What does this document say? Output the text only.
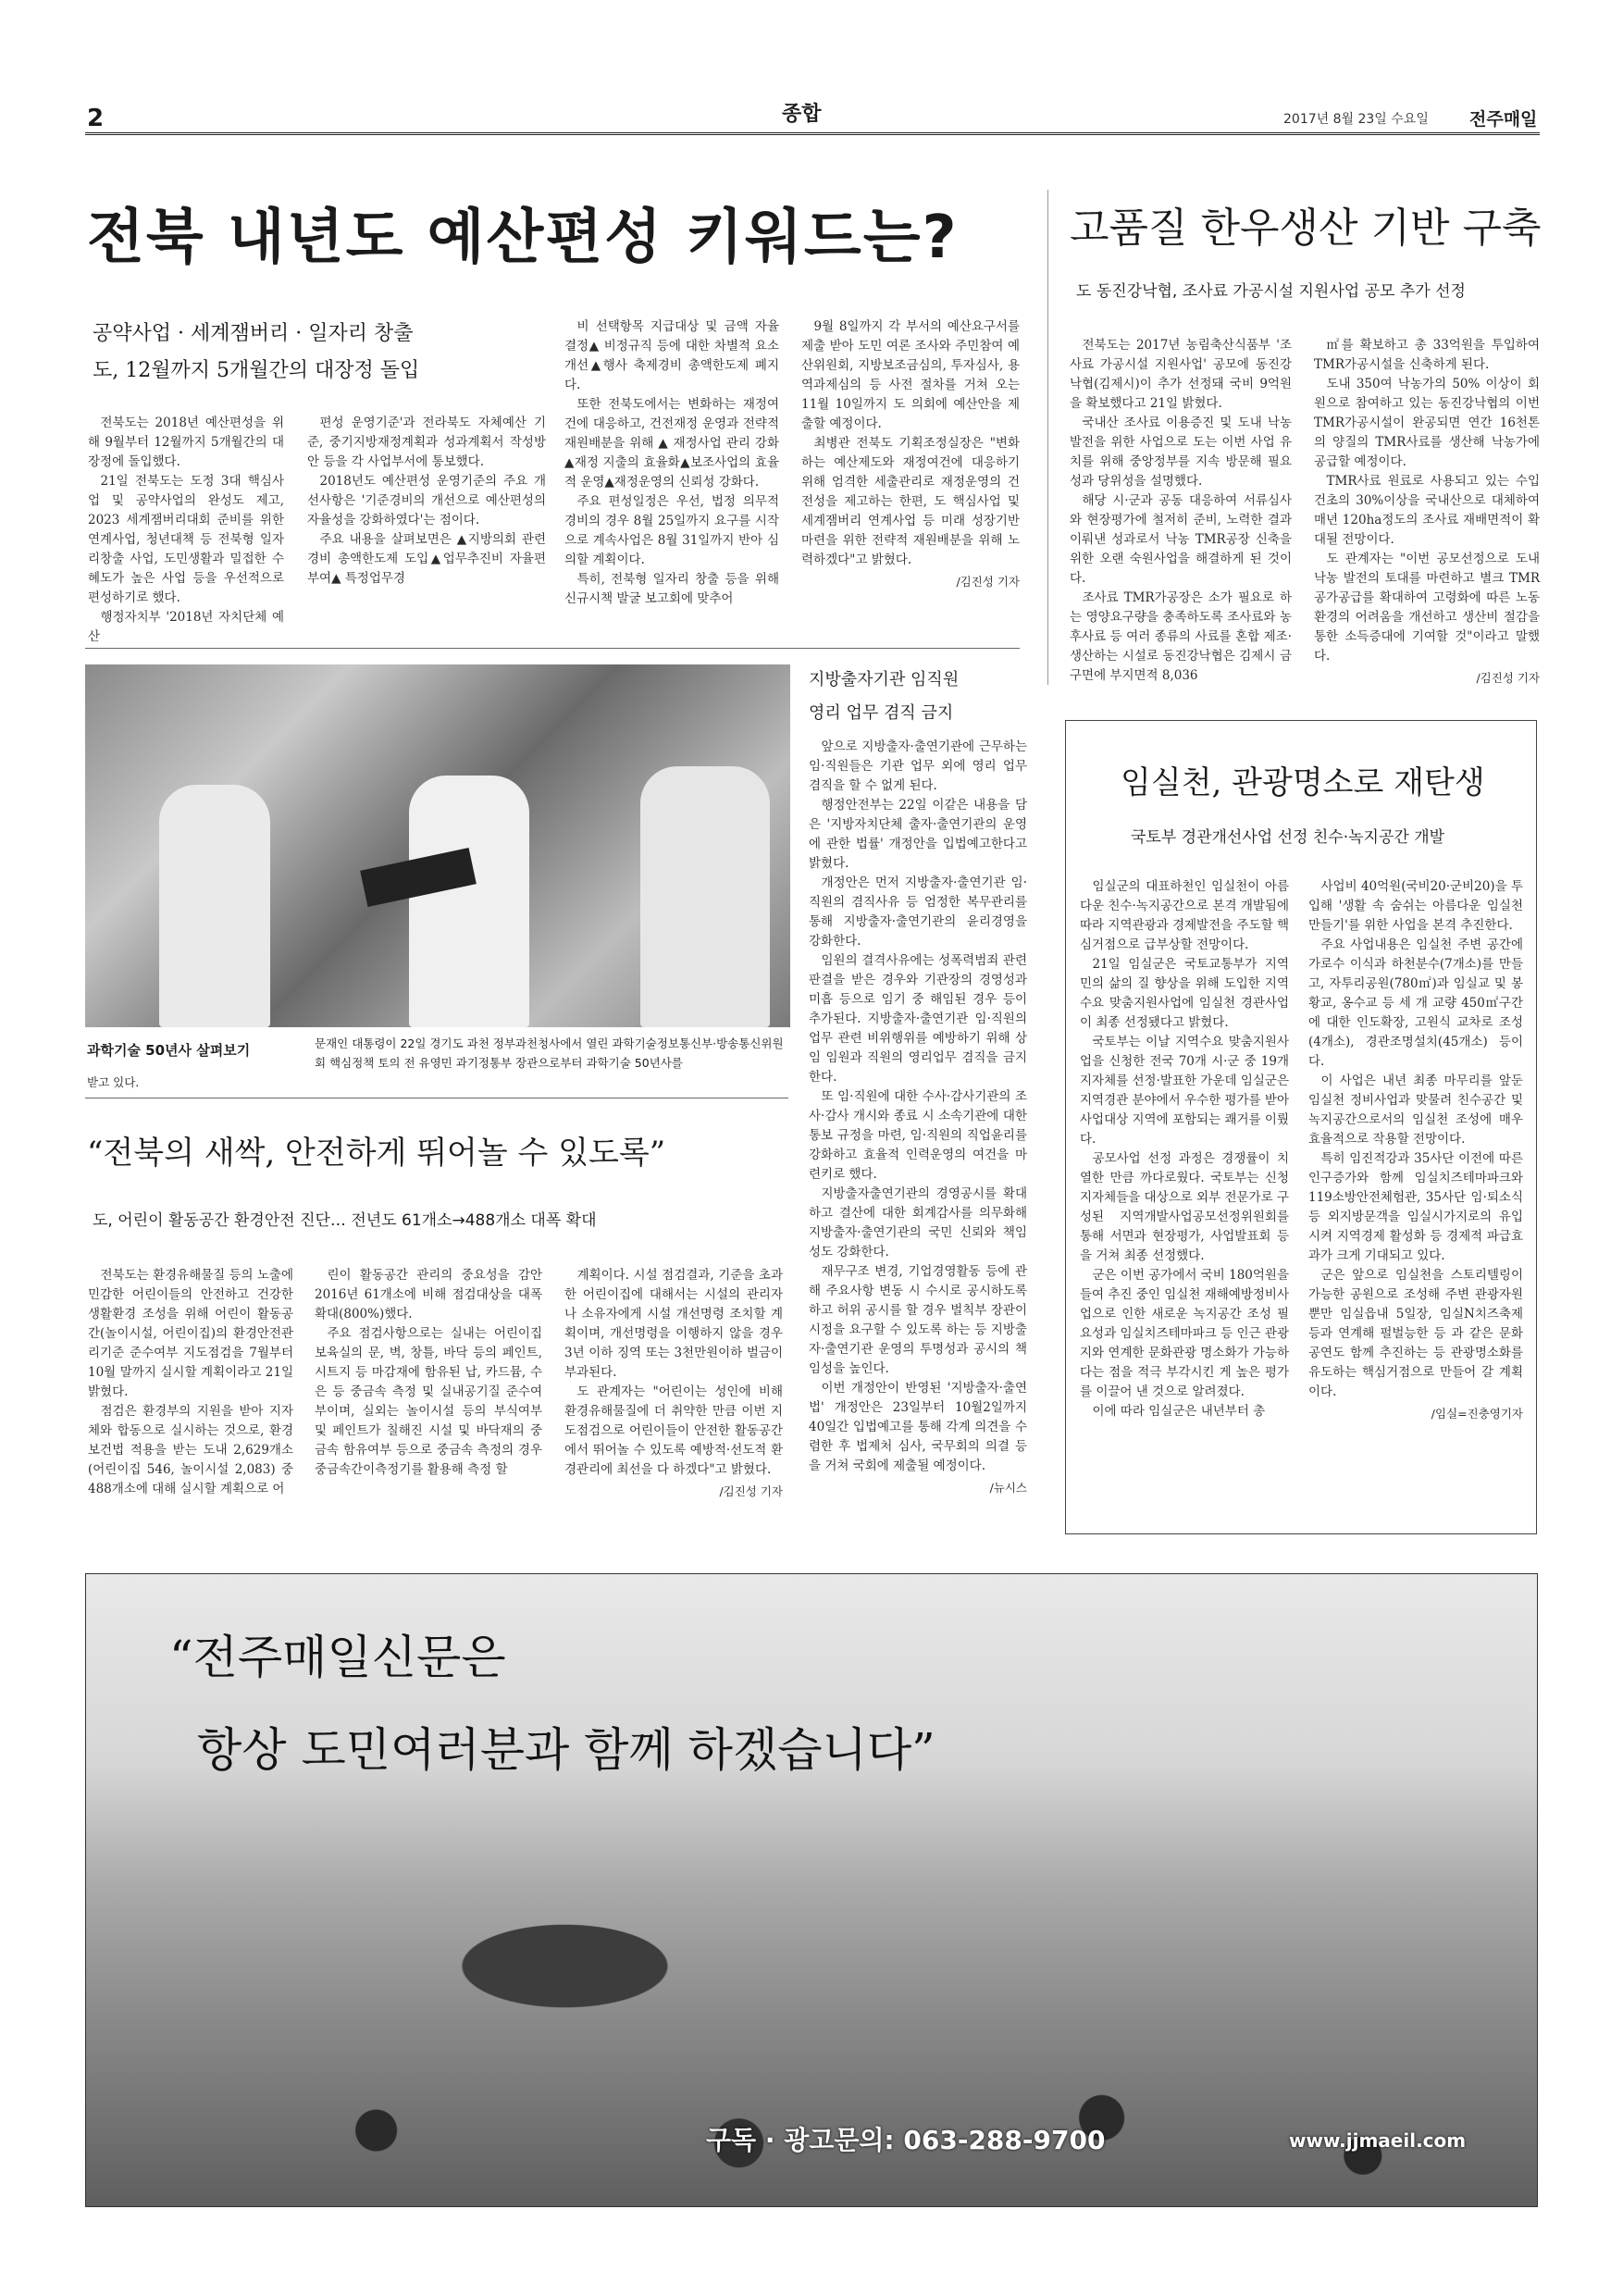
2	종합	2017년 8월 23일 수요일 전주매일
전북 내년도 예산편성 키워드는?
공약사업 · 세계잼버리 · 일자리 창출
도, 12월까지 5개월간의 대장정 돌입

전북도는 2018년 예산편성을 위해 9월부터 12월까지 5개월간의 대장정에 돌입했다.

21일 전북도는 도정 3대 핵심사업 및 공약사업의 완성도 제고, 2023 세계잼버리대회 준비를 위한 연계사업, 청년대책 등 전북형 일자리창출 사업, 도민생활과 밀접한 수혜도가 높은 사업 등을 우선적으로 편성하기로 했다.

행정자치부 '2018년 자치단체 예산

편성 운영기준'과 전라북도 자체예산 기준, 중기지방재정계획과 성과계획서 작성방안 등을 각 사업부서에 통보했다.

2018년도 예산편성 운영기준의 주요 개선사항은 '기준경비의 개선으로 예산편성의 자율성을 강화하였다'는 점이다.

주요 내용을 살펴보면은 ▲지방의회 관련 경비 총액한도제 도입▲업무추진비 자율편 부여▲ 특정업무경

비 선택항목 지급대상 및 금액 자율 결정▲ 비정규직 등에 대한 차별적 요소 개선▲행사 축제경비 총액한도제 폐지다.

또한 전북도에서는 변화하는 재정여건에 대응하고, 건전재정 운영과 전략적 재원배분을 위해 ▲ 재정사업 관리 강화▲재정 지출의 효율화▲보조사업의 효율적 운영▲재정운영의 신뢰성 강화다.

주요 편성일정은 우선, 법정 의무적 경비의 경우 8월 25일까지 요구를 시작으로 계속사업은 8월 31일까지 반아 심의할 계획이다.

특히, 전북형 일자리 창출 등을 위해 신규시책 발굴 보고회에 맞추어

9월 8일까지 각 부서의 예산요구서를 제출 받아 도민 여론 조사와 주민참여 예산위원회, 지방보조금심의, 투자심사, 용역과제심의 등 사전 절차를 거쳐 오는 11월 10일까지 도 의회에 예산안을 제출할 예정이다.

최병관 전북도 기획조정실장은 "변화하는 예산제도와 재정여건에 대응하기 위해 엄격한 세출관리로 재정운영의 건전성을 제고하는 한편, 도 핵심사업 및 세계잼버리 연계사업 등 미래 성장기반 마련을 위한 전략적 재원배분을 위해 노력하겠다"고 밝혔다.

/김진성 기자
고품질 한우생산 기반 구축
도 동진강낙협, 조사료 가공시설 지원사업 공모 추가 선정

전북도는 2017년 농림축산식품부 '조사료 가공시설 지원사업' 공모에 동진강낙협(김제시)이 추가 선정돼 국비 9억원을 확보했다고 21일 밝혔다.

국내산 조사료 이용증진 및 도내 낙농 발전을 위한 사업으로 도는 이번 사업 유치를 위해 중앙정부를 지속 방문해 필요성과 당위성을 설명했다.

해당 시·군과 공동 대응하여 서류심사와 현장평가에 철저히 준비, 노력한 결과 이뤄낸 성과로서 낙농 TMR공장 신축을 위한 오랜 숙원사업을 해결하게 된 것이다.

조사료 TMR가공장은 소가 필요로 하는 영양요구량을 충족하도록 조사료와 농후사료 등 여러 종류의 사료를 혼합 제조·생산하는 시설로 동진강낙협은 김제시 금구면에 부지면적 8,036

㎡를 확보하고 총 33억원을 투입하여 TMR가공시설을 신축하게 된다.

도내 350여 낙농가의 50% 이상이 회원으로 참여하고 있는 동진강낙협의 이번 TMR가공시설이 완공되면 연간 16천톤의 양질의 TMR사료를 생산해 낙농가에 공급할 예정이다.

TMR사료 원료로 사용되고 있는 수입건초의 30%이상을 국내산으로 대체하여 매년 120ha정도의 조사료 재배면적이 확대될 전망이다.

도 관계자는 "이번 공모선정으로 도내 낙농 발전의 토대를 마련하고 별크 TMR 공가공급를 확대하여 고령화에 따른 노동환경의 어려움을 개선하고 생산비 절감을 통한 소득증대에 기여할 것"이라고 말했다.

/김진성 기자
과학기술 50년사 살펴보기	문재인 대통령이 22일 경기도 과천 정부과천청사에서 열린 과학기술정보통신부·방송통신위원회 핵심정책 토의 전 유영민 과기정통부 장관으로부터 과학기술 50년사를
받고 있다.
지방출자기관 임직원
영리 업무 겸직 금지

앞으로 지방출자·출연기관에 근무하는 임·직원들은 기관 업무 외에 영리 업무 겸직을 할 수 없게 된다.

행정안전부는 22일 이같은 내용을 담은 '지방자치단체 출자·출연기관의 운영에 관한 법률' 개정안을 입법예고한다고 밝혔다.

개정안은 먼저 지방출자·출연기관 임·직원의 겸직사유 등 엄정한 복무관리를 통해 지방출자·출연기관의 윤리경영을 강화한다.

임원의 결격사유에는 성폭력범죄 관련 판결을 받은 경우와 기관장의 경영성과 미흡 등으로 임기 중 해임된 경우 등이 추가된다. 지방출자·출연기관 임·직원의 업무 관련 비위행위를 예방하기 위해 상임 임원과 직원의 영리업무 겸직을 금지한다.

또 임·직원에 대한 수사·감사기관의 조사·감사 개시와 종료 시 소속기관에 대한 통보 규정을 마련, 임·직원의 직업윤리를 강화하고 효율적 인력운영의 여건을 마련키로 했다.

지방출자출연기관의 경영공시를 확대하고 결산에 대한 회계감사를 의무화해 지방출자·출연기관의 국민 신뢰와 책임성도 강화한다.

재무구조 변경, 기업경영활동 등에 관해 주요사항 변동 시 수시로 공시하도록 하고 허위 공시를 할 경우 벌칙부 장관이 시정을 요구할 수 있도록 하는 등 지방출자·출연기관 운영의 투명성과 공시의 책임성을 높인다.

이번 개정안이 반영된 '지방출자·출연법' 개정안은 23일부터 10월2일까지 40일간 입법예고를 통해 각계 의견을 수렴한 후 법제처 심사, 국무회의 의결 등을 거쳐 국회에 제출될 예정이다.

/뉴시스
임실천, 관광명소로 재탄생
국토부 경관개선사업 선정 친수·녹지공간 개발

임실군의 대표하천인 임실천이 아름다운 친수·녹지공간으로 본격 개발됨에 따라 지역관광과 경제발전을 주도할 핵심거점으로 급부상할 전망이다.

21일 임실군은 국토교통부가 지역민의 삶의 질 향상을 위해 도입한 지역수요 맞춤지원사업에 임실천 경관사업이 최종 선정됐다고 밝혔다.

국토부는 이날 지역수요 맞춤지원사업을 신청한 전국 70개 시·군 중 19개 지자체를 선정·발표한 가운데 임실군은 지역경관 분야에서 우수한 평가를 받아 사업대상 지역에 포함되는 쾌거를 이뤘다.

공모사업 선정 과정은 경쟁률이 치열한 만큼 까다로웠다. 국토부는 신청 지자체들을 대상으로 외부 전문가로 구성된 지역개발사업공모선정위원회를 통해 서면과 현장평가, 사업발표회 등을 거쳐 최종 선정했다.

군은 이번 공가에서 국비 180억원을 들여 추진 중인 임실천 재해예방정비사업으로 인한 새로운 녹지공간 조성 필요성과 임실치즈테마파크 등 인근 관광지와 연계한 문화관광 명소화가 가능하다는 점을 적극 부각시킨 게 높은 평가를 이끌어 낸 것으로 알려졌다.

이에 따라 임실군은 내년부터 총

사업비 40억원(국비20·군비20)을 투입해 '생활 속 숨쉬는 아름다운 임실천 만들기'를 위한 사업을 본격 추진한다.

주요 사업내용은 임실천 주변 공간에 가로수 이식과 하천분수(7개소)를 만들고, 자투리공원(780㎡)과 임실교 및 봉황교, 옹수교 등 세 개 교량 450㎡구간에 대한 인도확장, 고원식 교차로 조성(4개소), 경관조명설치(45개소) 등이다.

이 사업은 내년 최종 마무리를 앞둔 임실천 정비사업과 맞물려 친수공간 및 녹지공간으로서의 임실천 조성에 매우 효율적으로 작용할 전망이다.

특히 임진적강과 35사단 이전에 따른 인구증가와 함께 임실치즈테마파크와 119소방안전체험관, 35사단 임·퇴소식 등 외지방문객을 임실시가지로의 유입시켜 지역경제 활성화 등 경제적 파급효과가 크게 기대되고 있다.

군은 앞으로 임실천을 스토리텔링이 가능한 공원으로 조성해 주변 관광자원 뿐만 임실읍내 5일장, 임실N치즈축제 등과 연계해 펄벌능한 등 과 같은 문화공연도 함께 추진하는 등 관광명소화를 유도하는 핵심거점으로 만들어 갈 계획이다.

/임실=진충영기자
“전북의 새싹, 안전하게 뛰어놀 수 있도록”
도, 어린이 활동공간 환경안전 진단… 전년도 61개소→488개소 대폭 확대

전북도는 환경유해물질 등의 노출에 민감한 어린이들의 안전하고 건강한 생활환경 조성을 위해 어린이 활동공간(놀이시설, 어린이집)의 환경안전관리기준 준수여부 지도점검을 7월부터 10월 말까지 실시할 계획이라고 21일 밝혔다.

점검은 환경부의 지원을 받아 지자체와 합동으로 실시하는 것으로, 환경보건법 적용을 받는 도내 2,629개소(어린이집 546, 놀이시설 2,083) 중 488개소에 대해 실시할 계획으로 어

린이 활동공간 관리의 중요성을 감안 2016년 61개소에 비해 점검대상을 대폭 확대(800%)했다.

주요 점검사항으로는 실내는 어린이집 보육실의 문, 벽, 창틀, 바닥 등의 페인트, 시트지 등 마감재에 함유된 납, 카드뮴, 수은 등 중금속 측정 및 실내공기질 준수여부이며, 실외는 놀이시설 등의 부식여부 및 페인트가 칠해진 시설 및 바닥재의 중금속 함유여부 등으로 중금속 측정의 경우 중금속간이측정기를 활용해 측정 할

계획이다. 시설 점검결과, 기준을 초과한 어린이집에 대해서는 시설의 관리자나 소유자에게 시설 개선명령 조치할 계획이며, 개선명령을 이행하지 않을 경우 3년 이하 징역 또는 3천만원이하 벌금이 부과된다.

도 관계자는 "어린이는 성인에 비해 환경유해물질에 더 취약한 만큼 이번 지도점검으로 어린이들이 안전한 활동공간에서 뛰어놀 수 있도록 예방적·선도적 환경관리에 최선을 다 하겠다"고 밝혔다.

/김진성 기자
“전주매일신문은
항상 도민여러분과 함께 하겠습니다”
구독 · 광고문의: 063-288-9700	www.jjmaeil.com
